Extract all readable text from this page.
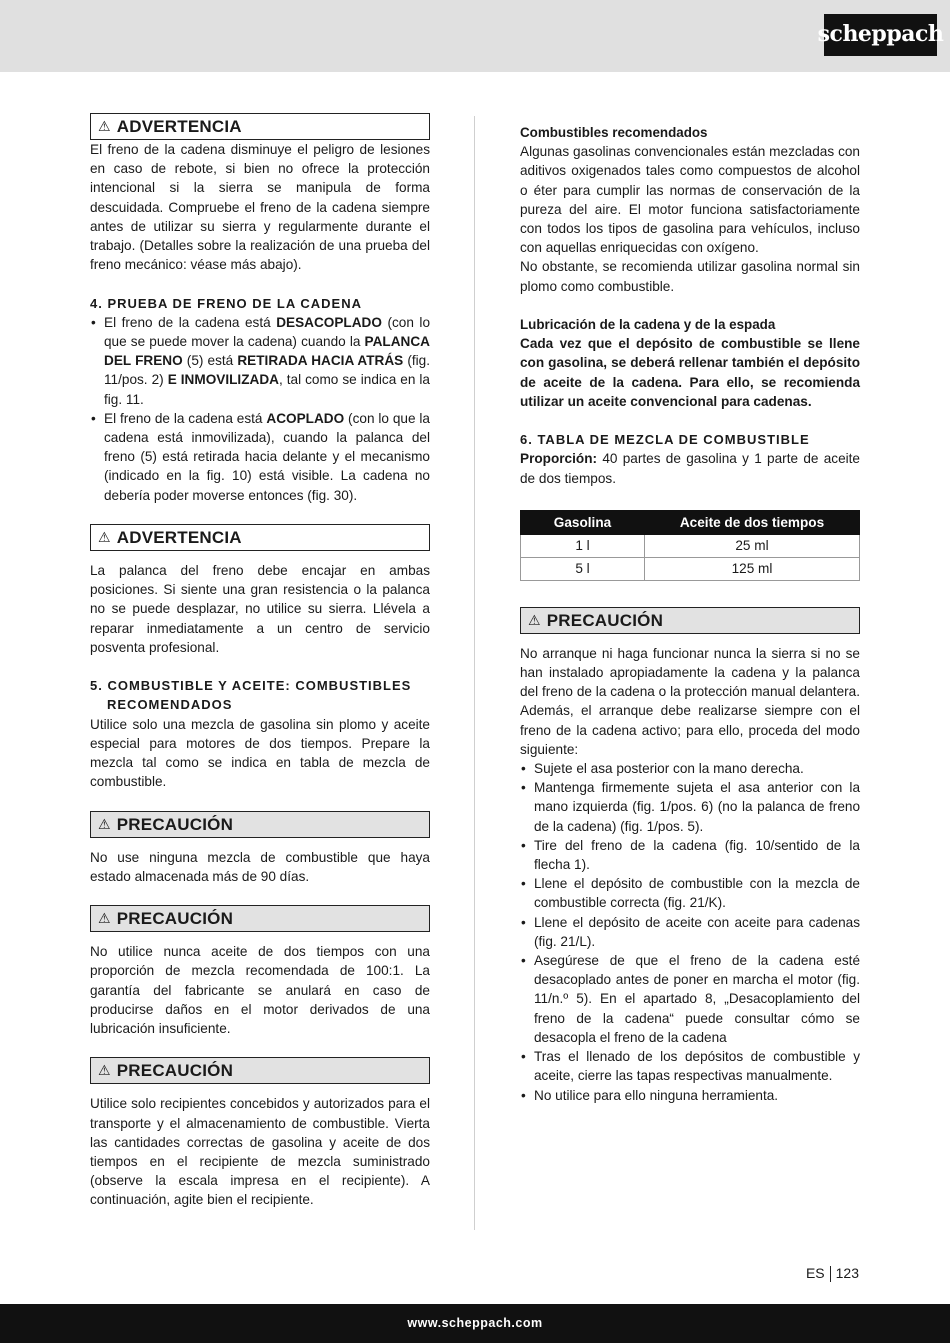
scheppach
⚠ ADVERTENCIA
El freno de la cadena disminuye el peligro de lesiones en caso de rebote, si bien no ofrece la protección intencional si la sierra se manipula de forma descuidada. Compruebe el freno de la cadena siempre antes de utilizar su sierra y regularmente durante el trabajo. (Detalles sobre la realización de una prueba del freno mecánico: véase más abajo).
4. PRUEBA DE FRENO DE LA CADENA
• El freno de la cadena está DESACOPLADO (con lo que se puede mover la cadena) cuando la PALANCA DEL FRENO (5) está RETIRADA HACIA ATRÁS (fig. 11/pos. 2) E INMOVILIZADA, tal como se indica en la fig. 11.
• El freno de la cadena está ACOPLADO (con lo que la cadena está inmovilizada), cuando la palanca del freno (5) está retirada hacia delante y el mecanismo (indicado en la fig. 10) está visible. La cadena no debería poder moverse entonces (fig. 30).
⚠ ADVERTENCIA
La palanca del freno debe encajar en ambas posiciones. Si siente una gran resistencia o la palanca no se puede desplazar, no utilice su sierra. Llévela a reparar inmediatamente a un centro de servicio posventa profesional.
5. COMBUSTIBLE Y ACEITE: COMBUSTIBLES
RECOMENDADOS
Utilice solo una mezcla de gasolina sin plomo y aceite especial para motores de dos tiempos. Prepare la mezcla tal como se indica en tabla de mezcla de combustible.
⚠ PRECAUCIÓN
No use ninguna mezcla de combustible que haya estado almacenada más de 90 días.
⚠ PRECAUCIÓN
No utilice nunca aceite de dos tiempos con una proporción de mezcla recomendada de 100:1. La garantía del fabricante se anulará en caso de producirse daños en el motor derivados de una lubricación insuficiente.
⚠ PRECAUCIÓN
Utilice solo recipientes concebidos y autorizados para el transporte y el almacenamiento de combustible. Vierta las cantidades correctas de gasolina y aceite de dos tiempos en el recipiente de mezcla suministrado (observe la escala impresa en el recipiente). A continuación, agite bien el recipiente.
Combustibles recomendados
Algunas gasolinas convencionales están mezcladas con aditivos oxigenados tales como compuestos de alcohol o éter para cumplir las normas de conservación de la pureza del aire. El motor funciona satisfactoriamente con todos los tipos de gasolina para vehículos, incluso con aquellas enriquecidas con oxígeno.
No obstante, se recomienda utilizar gasolina normal sin plomo como combustible.
Lubricación de la cadena y de la espada
Cada vez que el depósito de combustible se llene con gasolina, se deberá rellenar también el depósito de aceite de la cadena. Para ello, se recomienda utilizar un aceite convencional para cadenas.
6. TABLA DE MEZCLA DE COMBUSTIBLE
Proporción: 40 partes de gasolina y 1 parte de aceite de dos tiempos.
Gasolina	Aceite de dos tiempos
1 l	25 ml
5 l	125 ml
⚠ PRECAUCIÓN
No arranque ni haga funcionar nunca la sierra si no se han instalado apropiadamente la cadena y la palanca del freno de la cadena o la protección manual delantera. Además, el arranque debe realizarse siempre con el freno de la cadena activo; para ello, proceda del modo siguiente:
• Sujete el asa posterior con la mano derecha.
• Mantenga firmemente sujeta el asa anterior con la mano izquierda (fig. 1/pos. 6) (no la palanca de freno de la cadena) (fig. 1/pos. 5).
• Tire del freno de la cadena (fig. 10/sentido de la flecha 1).
• Llene el depósito de combustible con la mezcla de combustible correcta (fig. 21/K).
• Llene el depósito de aceite con aceite para cadenas (fig. 21/L).
• Asegúrese de que el freno de la cadena esté desacoplado antes de poner en marcha el motor (fig. 11/n.º 5). En el apartado 8, „Desacoplamiento del freno de la cadena“ puede consultar cómo se desacopla el freno de la cadena
• Tras el llenado de los depósitos de combustible y aceite, cierre las tapas respectivas manualmente.
• No utilice para ello ninguna herramienta.
ES 123
www.scheppach.com
